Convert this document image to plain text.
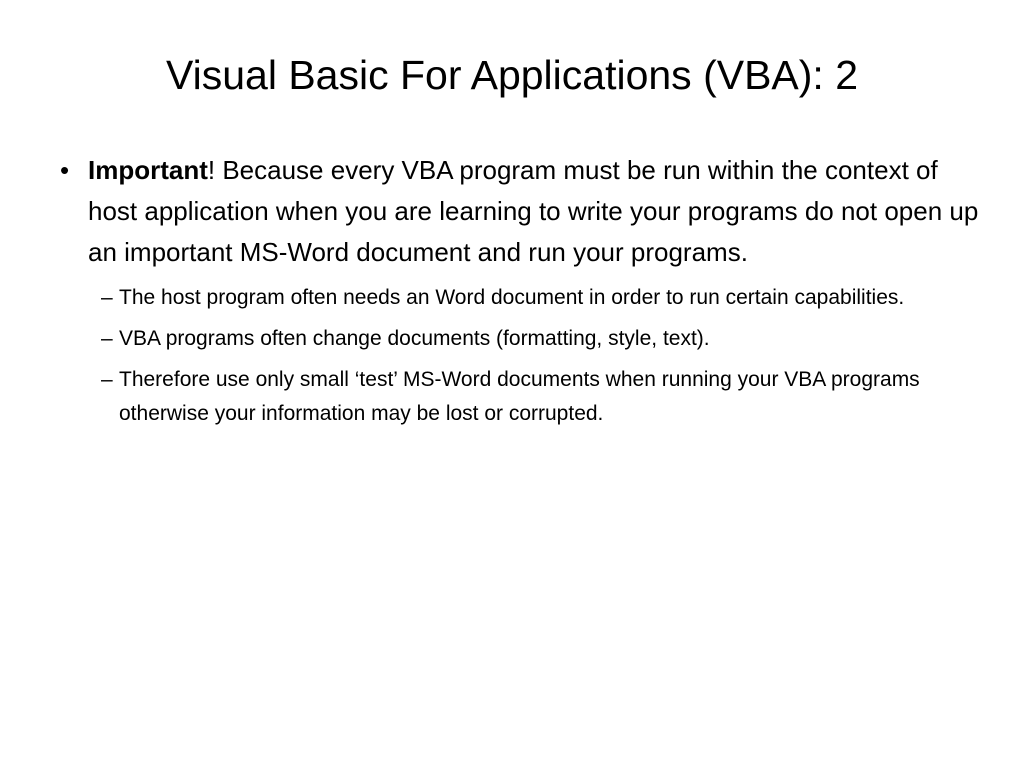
Visual Basic For Applications (VBA): 2
• Important! Because every VBA program must be run within the context of host application when you are learning to write your programs do not open up an important MS-Word document and run your programs.
– The host program often needs an Word document in order to run certain capabilities.
– VBA programs often change documents (formatting, style, text).
– Therefore use only small ‘test’ MS-Word documents when running your VBA programs otherwise your information may be lost or corrupted.
